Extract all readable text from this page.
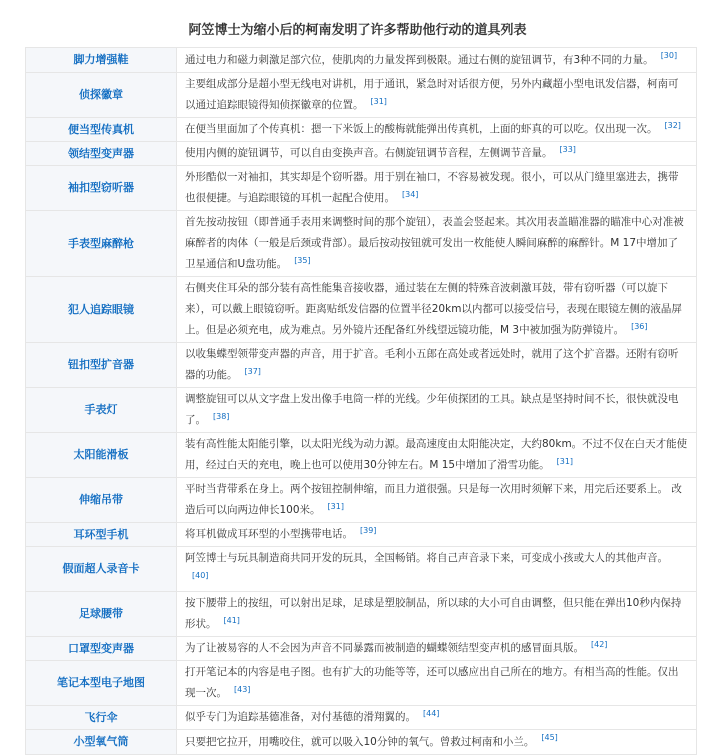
阿笠博士为缩小后的柯南发明了许多帮助他行动的道具列表
脚力增强鞋	通过电力和磁力刺激足部穴位，使肌肉的力量发挥到极限。通过右侧的旋钮调节，有3种不同的力量。 [30]
侦探徽章	主要组成部分是超小型无线电对讲机，用于通讯，紧急时对话很方便，另外内藏超小型电讯发信器，柯南可以通过追踪眼镜得知侦探徽章的位置。 [31]
便当型传真机	在便当里面加了个传真机：摁一下米饭上的酸梅就能弹出传真机，上面的虾真的可以吃。仅出现一次。 [32]
领结型变声器	使用内侧的旋钮调节，可以自由变换声音。右侧旋钮调节音程，左侧调节音量。 [33]
袖扣型窃听器	外形酷似一对袖扣，其实却是个窃听器。用于别在袖口，不容易被发现。很小，可以从门缝里塞进去，携带也很便捷。与追踪眼镜的耳机一起配合使用。 [34]
手表型麻醉枪	首先按动按钮（即普通手表用来调整时间的那个旋钮），表盖会竖起来。其次用表盖瞄准器的瞄准中心对准被麻醉者的肉体（一般是后颈或背部）。最后按动按钮就可发出一枚能使人瞬间麻醉的麻醉针。M 17中增加了卫星通信和U盘功能。 [35]
犯人追踪眼镜	右侧夹住耳朵的部分装有高性能集音接收器，通过装在左侧的特殊音波刺激耳鼓，带有窃听器（可以旋下来），可以戴上眼镜窃听。距离贴纸发信器的位置半径20km以内都可以接受信号，表现在眼镜左侧的液晶屏上。但是必须充电，成为难点。另外镜片还配备红外线望远镜功能，M 3中被加强为防弹镜片。 [36]
钮扣型扩音器	以收集蝶型领带变声器的声音，用于扩音。毛利小五郎在高处或者远处时，就用了这个扩音器。还附有窃听器的功能。 [37]
手表灯	调整旋钮可以从文字盘上发出像手电筒一样的光线。少年侦探团的工具。缺点是坚持时间不长，很快就没电了。 [38]
太阳能滑板	装有高性能太阳能引擎，以太阳光线为动力源。最高速度由太阳能决定，大约80km。不过不仅在白天才能使用，经过白天的充电，晚上也可以使用30分钟左右。M 15中增加了滑雪功能。 [31]
伸缩吊带	平时当背带系在身上。两个按钮控制伸缩，而且力道很强。只是每一次用时须解下来，用完后还要系上。 改造后可以向两边伸长100米。 [31]
耳环型手机	将耳机做成耳环型的小型携带电话。 [39]
假面超人录音卡	阿笠博士与玩具制造商共同开发的玩具，全国畅销。将自己声音录下来，可变成小孩或大人的其他声音。[40]
足球腰带	按下腰带上的按纽，可以射出足球，足球是塑胶制品，所以球的大小可自由调整，但只能在弹出10秒内保持形状。 [41]
口罩型变声器	为了让被易容的人不会因为声音不同暴露而被制造的蝴蝶领结型变声机的感冒面具版。 [42]
笔记本型电子地图	打开笔记本的内容是电子图。也有扩大的功能等等，还可以感应出自己所在的地方。有相当高的性能。仅出现一次。 [43]
飞行伞	似乎专门为追踪基德准备，对付基德的滑翔翼的。 [44]
小型氧气筒	只要把它拉开，用嘴咬住，就可以吸入10分钟的氧气。曾救过柯南和小兰。 [45]
